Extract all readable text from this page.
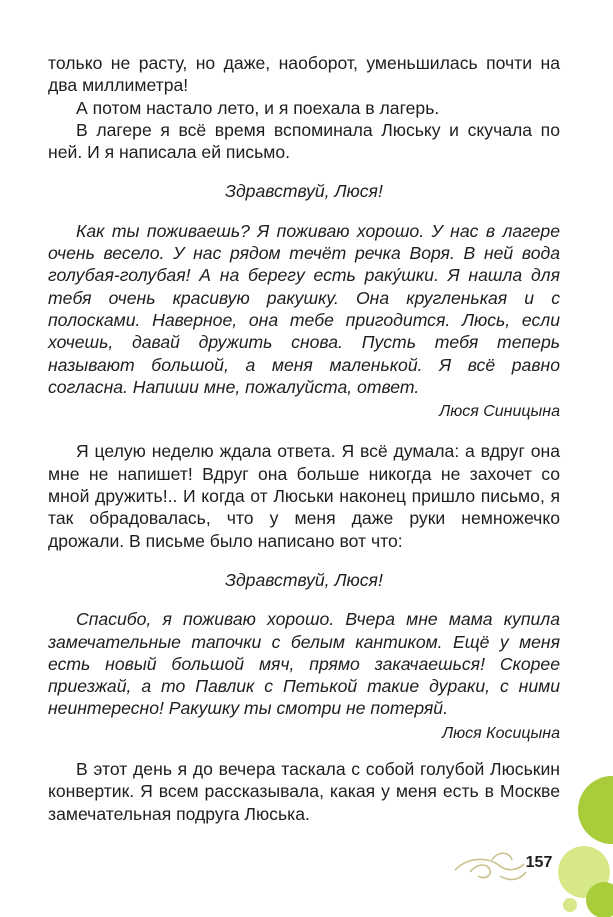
только не расту, но даже, наоборот, уменьшилась почти на два миллиметра!

А потом настало лето, и я поехала в лагерь.

В лагере я всё время вспоминала Люську и скучала по ней. И я написала ей письмо.

Здравствуй, Люся!

Как ты поживаешь? Я поживаю хорошо. У нас в лагере очень весело. У нас рядом течёт речка Воря. В ней вода голубая-голубая! А на берегу есть раку́шки. Я нашла для тебя очень красивую ракушку. Она кругленькая и с полосками. Наверное, она тебе пригодится. Люсь, если хочешь, давай дружить снова. Пусть тебя теперь называют большой, а меня маленькой. Я всё равно согласна. Напиши мне, пожалуйста, ответ.

Люся Синицына

Я целую неделю ждала ответа. Я всё думала: а вдруг она мне не напишет! Вдруг она больше никогда не захочет со мной дружить!.. И когда от Люськи наконец пришло письмо, я так обрадовалась, что у меня даже руки немножечко дрожали. В письме было написано вот что:

Здравствуй, Люся!

Спасибо, я поживаю хорошо. Вчера мне мама купила замечательные тапочки с белым кантиком. Ещё у меня есть новый большой мяч, прямо закачаешься! Скорее приезжай, а то Павлик с Петькой такие дураки, с ними неинтересно! Ракушку ты смотри не потеряй.

Люся Косицына

В этот день я до вечера таскала с собой голубой Люськин конвертик. Я всем рассказывала, какая у меня есть в Москве замечательная подруга Люська.

157
